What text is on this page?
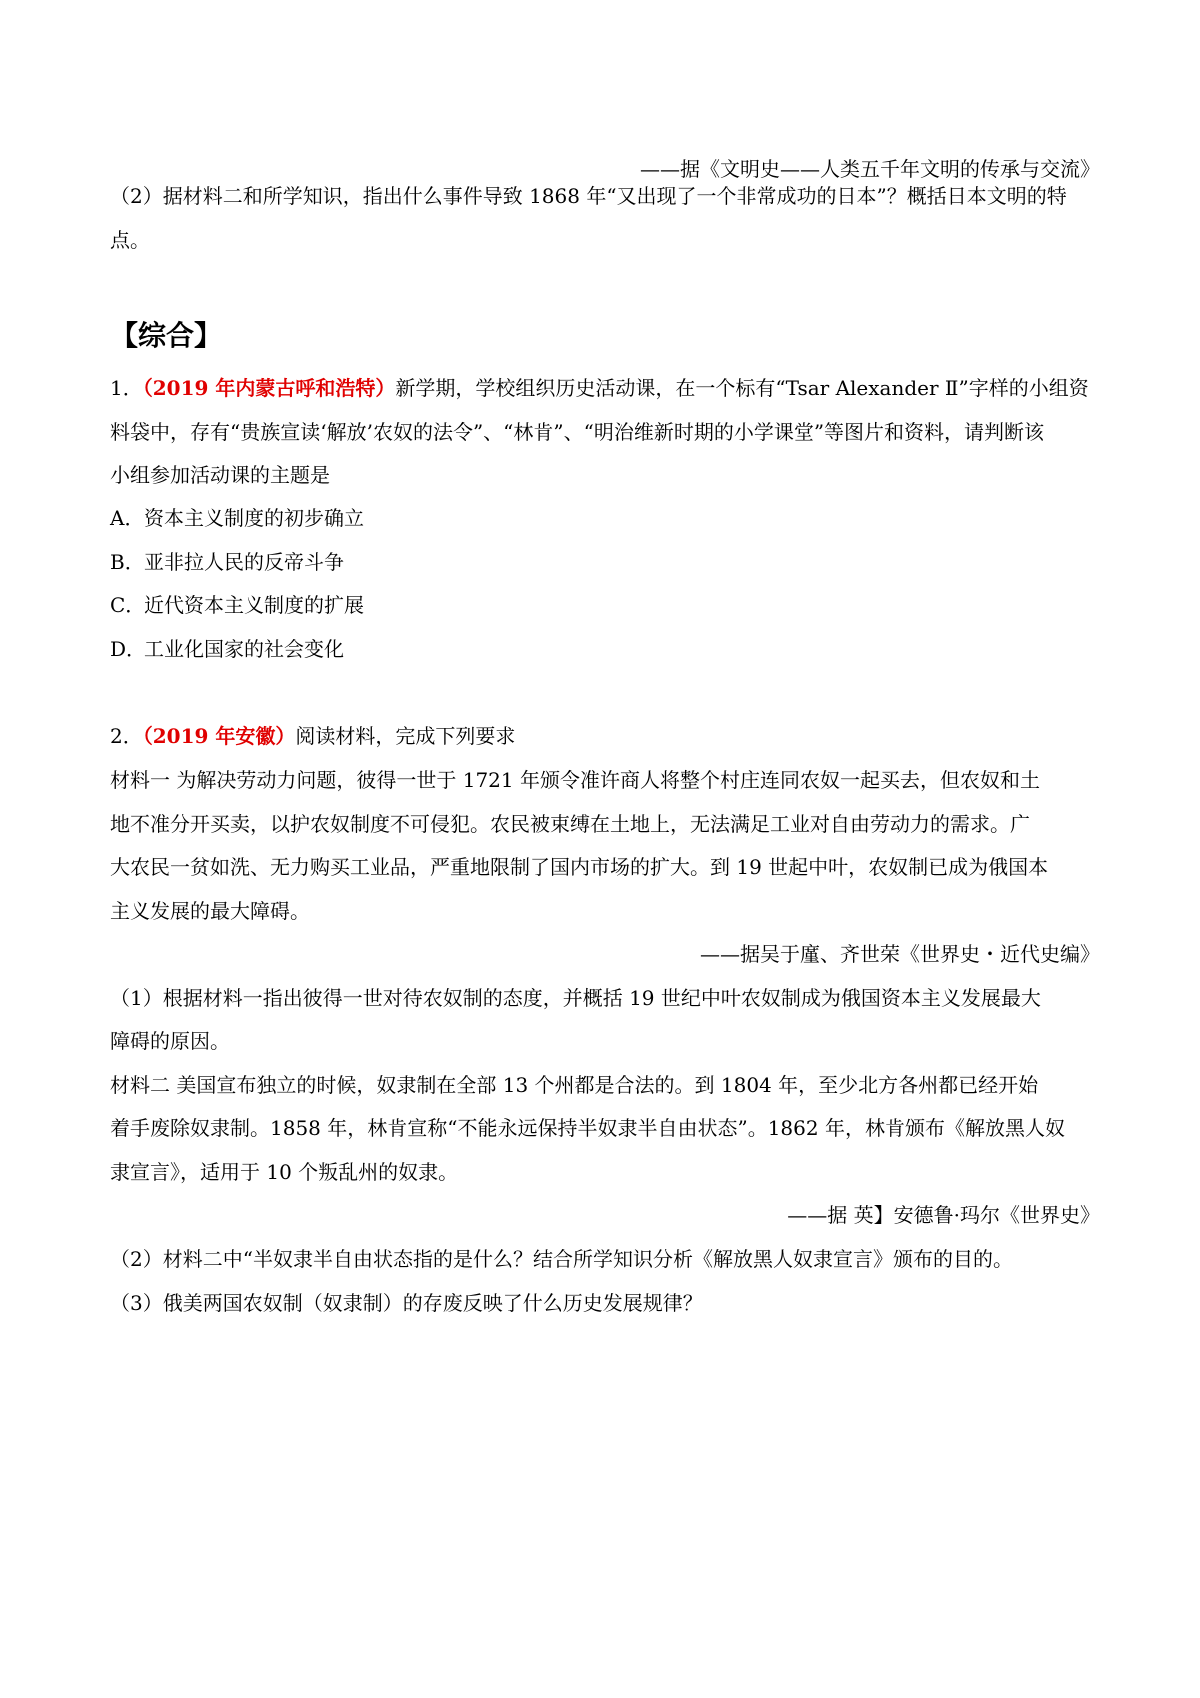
——据《文明史——人类五千年文明的传承与交流》
（2）据材料二和所学知识，指出什么事件导致 1868 年“又出现了一个非常成功的日本”？概括日本文明的特
点。
【综合】
1．（2019 年内蒙古呼和浩特）新学期，学校组织历史活动课，在一个标有“Tsar Alexander Ⅱ”字样的小组资
料袋中，存有“贵族宣读‘解放’农奴的法令”、“林肯”、“明治维新时期的小学课堂”等图片和资料，请判断该
小组参加活动课的主题是
A．资本主义制度的初步确立
B．亚非拉人民的反帝斗争
C．近代资本主义制度的扩展
D．工业化国家的社会变化
2．（2019 年安徽）阅读材料，完成下列要求
材料一 为解决劳动力问题，彼得一世于 1721 年颁令准许商人将整个村庄连同农奴一起买去，但农奴和土
地不准分开买卖，以护农奴制度不可侵犯。农民被束缚在土地上，无法满足工业对自由劳动力的需求。广
大农民一贫如洗、无力购买工业品，严重地限制了国内市场的扩大。到 19 世起中叶，农奴制已成为俄国本
主义发展的最大障碍。
——据吴于廑、齐世荣《世界史・近代史编》
（1）根据材料一指出彼得一世对待农奴制的态度，并概括 19 世纪中叶农奴制成为俄国资本主义发展最大
障碍的原因。
材料二 美国宣布独立的时候，奴隶制在全部 13 个州都是合法的。到 1804 年，至少北方各州都已经开始
着手废除奴隶制。1858 年，林肯宣称“不能永远保持半奴隶半自由状态”。1862 年，林肯颁布《解放黑人奴
隶宣言》，适用于 10 个叛乱州的奴隶。
——据 英】安德鲁·玛尔《世界史》
（2）材料二中“半奴隶半自由状态指的是什么？结合所学知识分析《解放黑人奴隶宣言》颁布的目的。
（3）俄美两国农奴制（奴隶制）的存废反映了什么历史发展规律？
